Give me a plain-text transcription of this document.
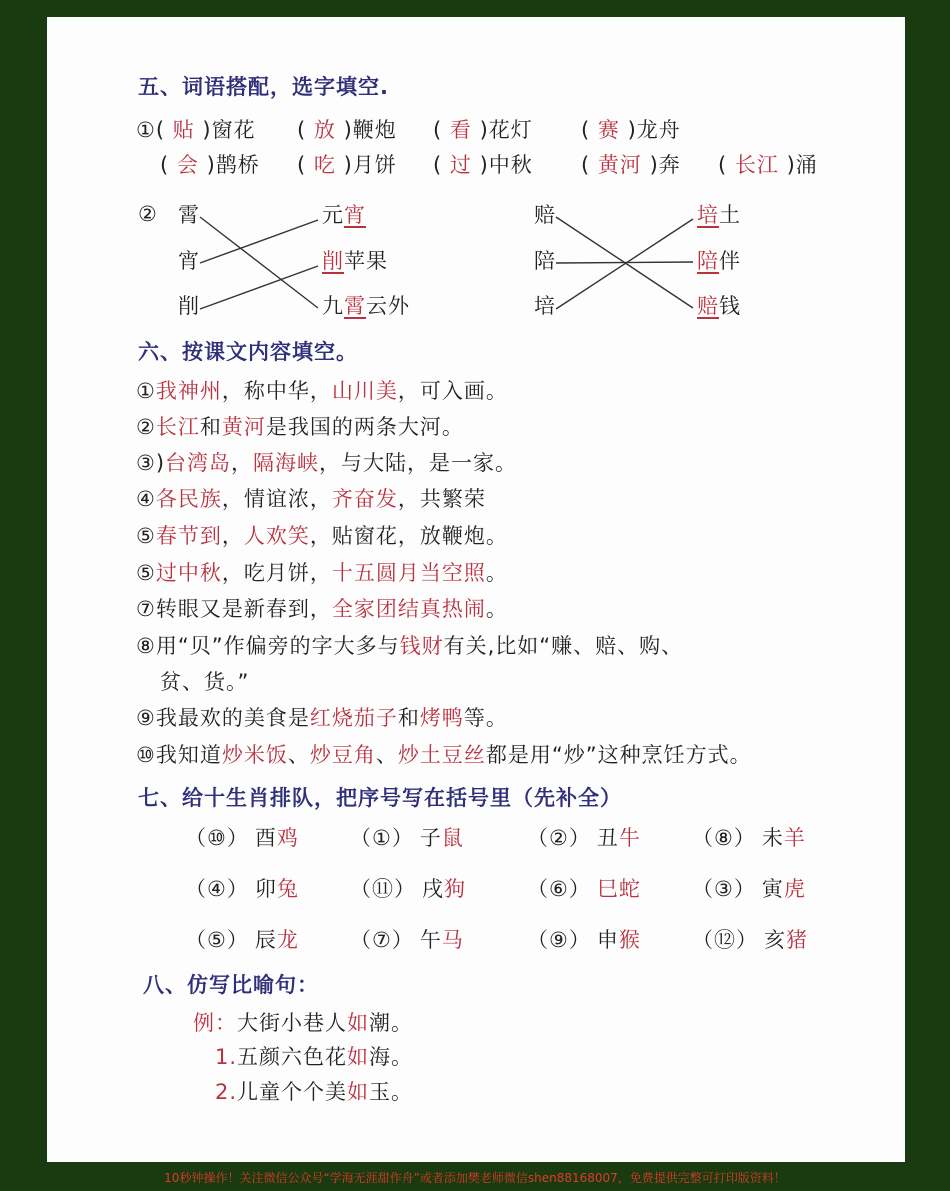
五、词语搭配，选字填空.
①( 贴 )窗花 ( 放 )鞭炮 ( 看 )花灯 ( 赛 )龙舟
( 会 )鹊桥 ( 吃 )月饼 ( 过 )中秋 ( 黄河 )奔 ( 长江 )涌
② 霄
宵
削
元宵
削苹果
九霄云外
赔
陪
培
培土
陪伴
赔钱
六、按课文内容填空。
①我神州，称中华，山川美，可入画。
②长江和黄河是我国的两条大河。
③)台湾岛，隔海峡，与大陆，是一家。
④各民族，情谊浓，齐奋发，共繁荣
⑤春节到，人欢笑，贴窗花，放鞭炮。
⑤过中秋，吃月饼，十五圆月当空照。
⑦转眼又是新春到，全家团结真热闹。
⑧用“贝”作偏旁的字大多与钱财有关,比如“赚、赔、购、
贫、货。”
⑨我最欢的美食是红烧茄子和烤鸭等。
⑩我知道炒米饭、炒豆角、炒土豆丝都是用“炒”这种烹饪方式。
七、给十生肖排队，把序号写在括号里（先补全）
（⑩） 酉鸡 （①） 子鼠	（②） 丑牛 （⑧） 未羊
（④） 卯兔 （⑪） 戌狗	（⑥） 巳蛇 （③） 寅虎
（⑤） 辰龙 （⑦） 午马	（⑨） 申猴 （⑫） 亥猪
八、仿写比喻句：
例：大街小巷人如潮。
1.五颜六色花如海。
2.儿童个个美如玉。
10秒钟操作！关注微信公众号“学海无涯甜作舟”或者添加樊老师微信shen88168007，免费提供完整可打印版资料！
